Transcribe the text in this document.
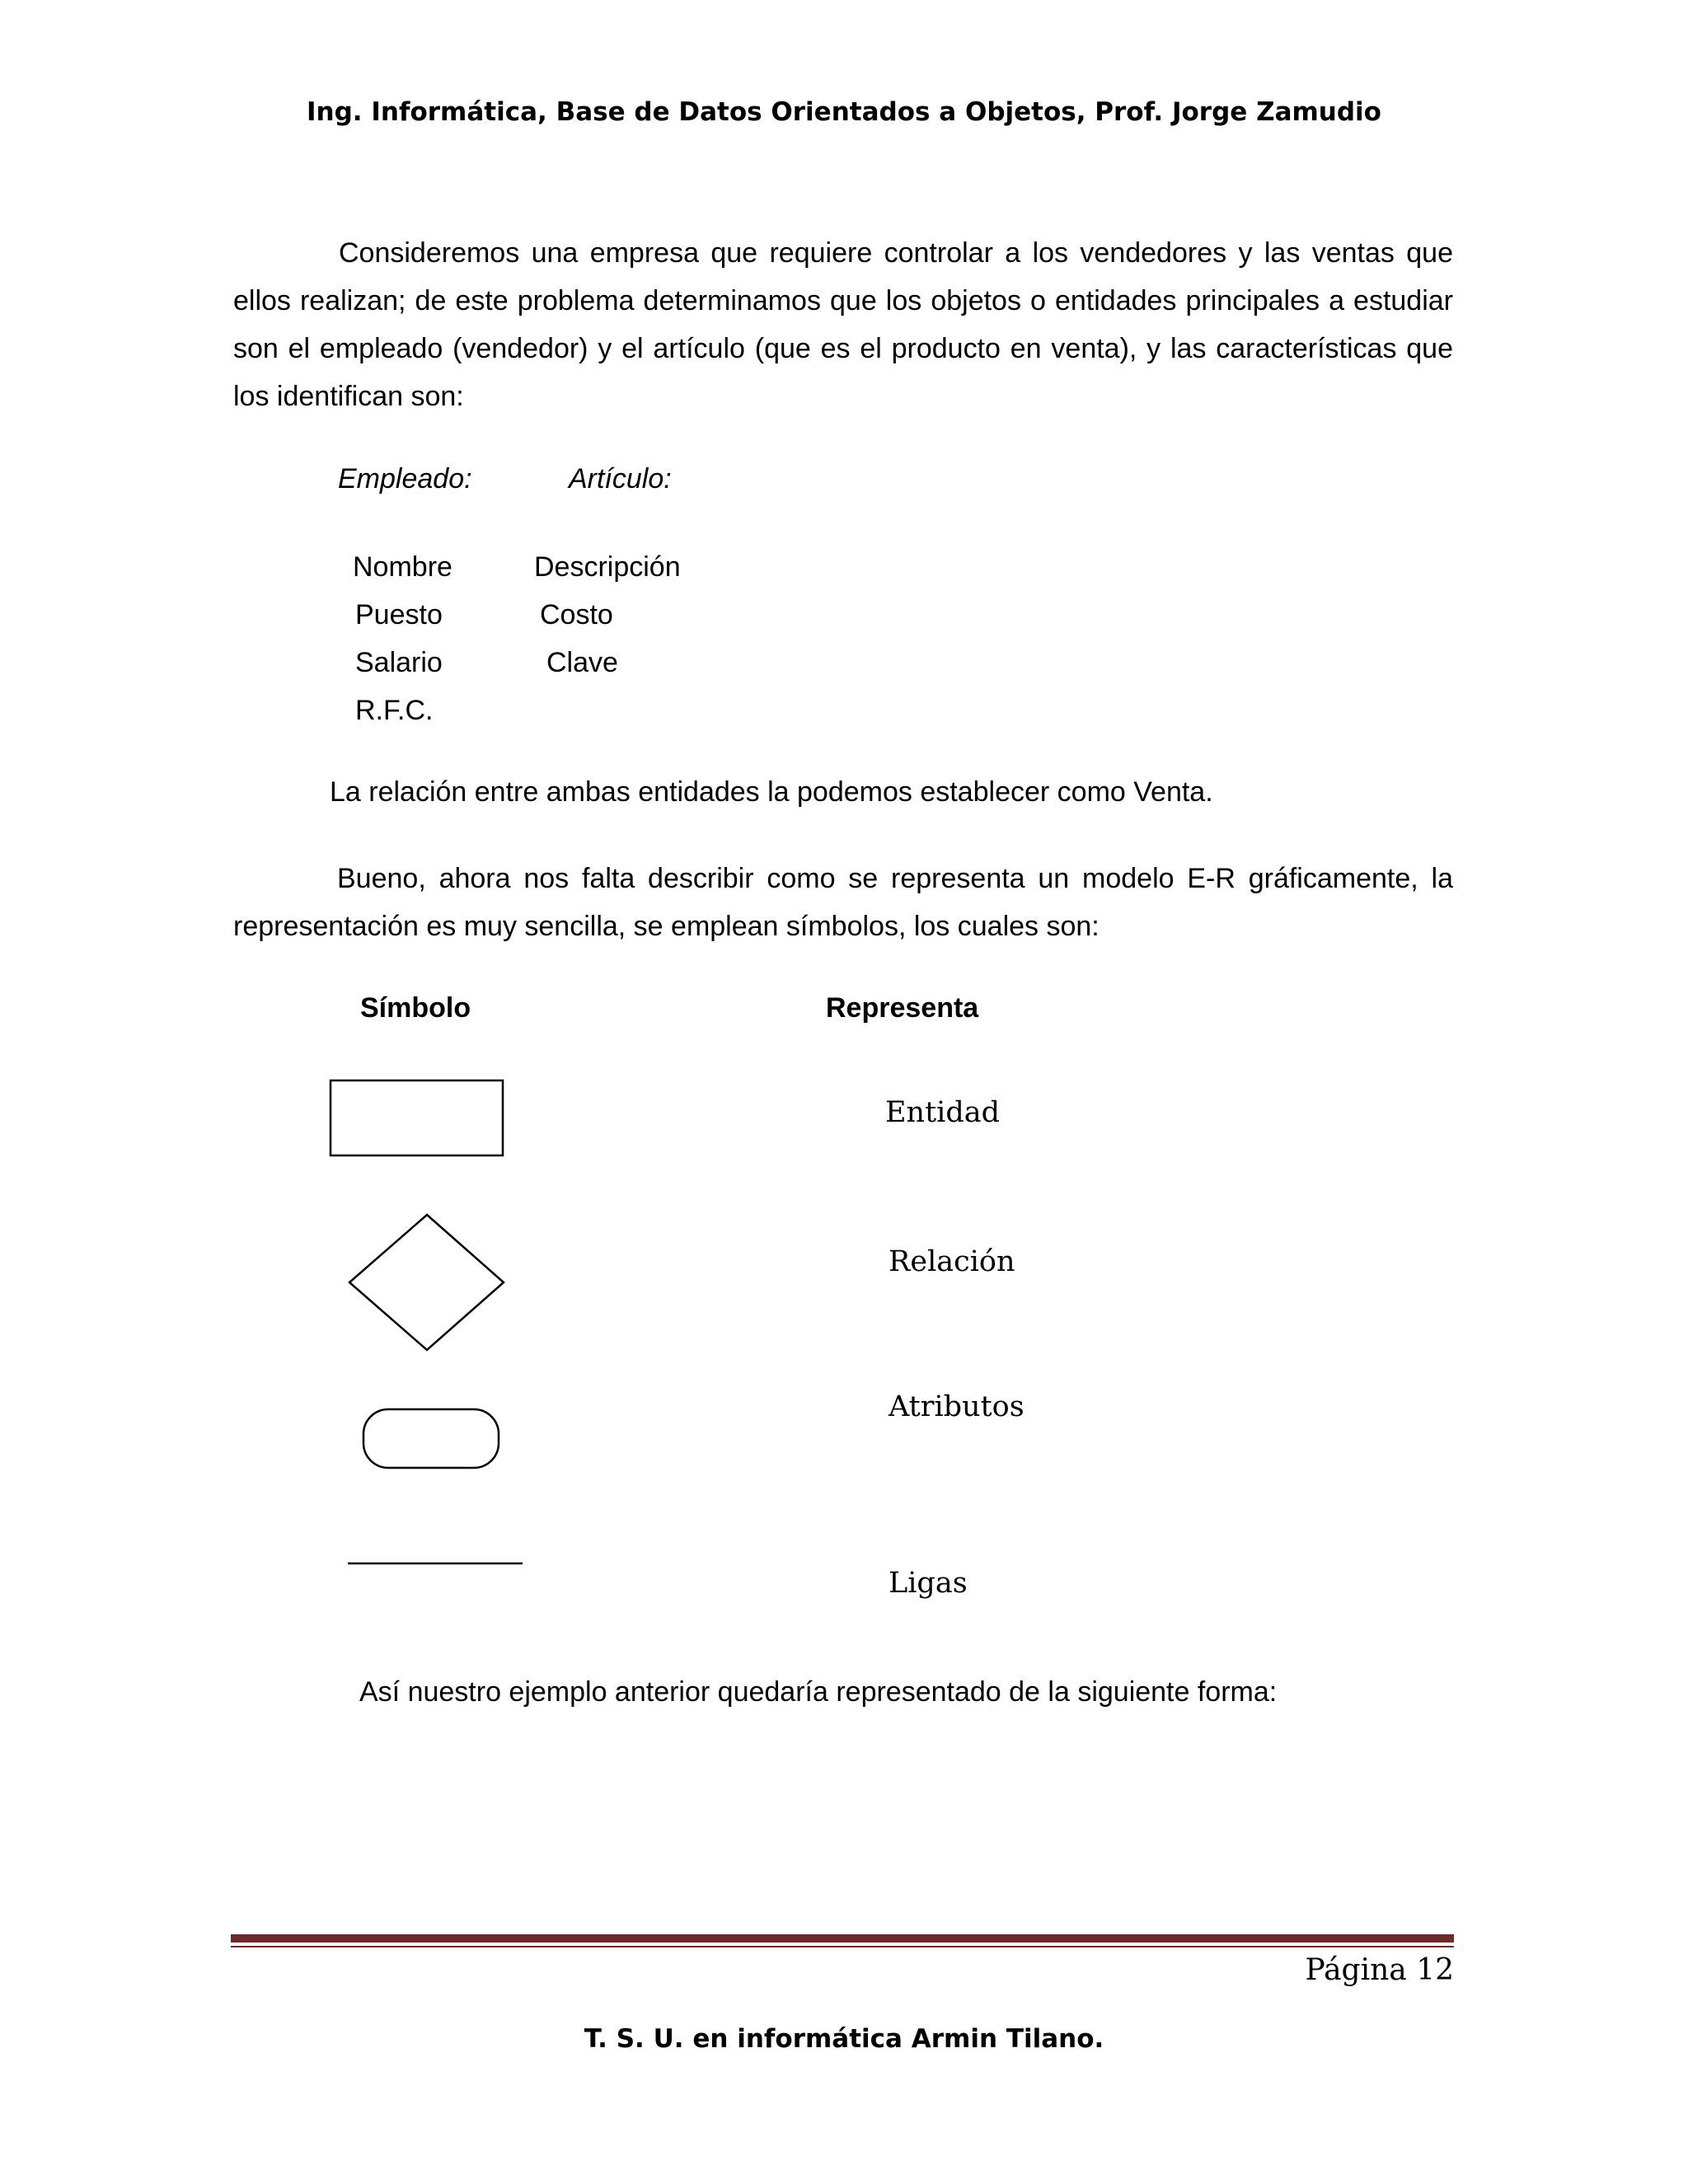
Ing. Informática, Base de Datos Orientados a Objetos, Prof. Jorge Zamudio

Consideremos una empresa que requiere controlar a los vendedores y las ventas que ellos realizan; de este problema determinamos que los objetos o entidades principales a estudiar son el empleado (vendedor) y el artículo (que es el producto en venta), y las características que los identifican son:

Empleado:	Artículo:
Nombre
Puesto
Salario
R.F.C.
Descripción
Costo
Clave
La relación entre ambas entidades la podemos establecer como Venta.

Bueno, ahora nos falta describir como se representa un modelo E-R gráficamente, la representación es muy sencilla, se emplean símbolos, los cuales son:

Símbolo	Representa
Entidad
Relación
Atributos
Ligas
Así nuestro ejemplo anterior quedaría representado de la siguiente forma:
Página 12
T. S. U. en informática Armin Tilano.
